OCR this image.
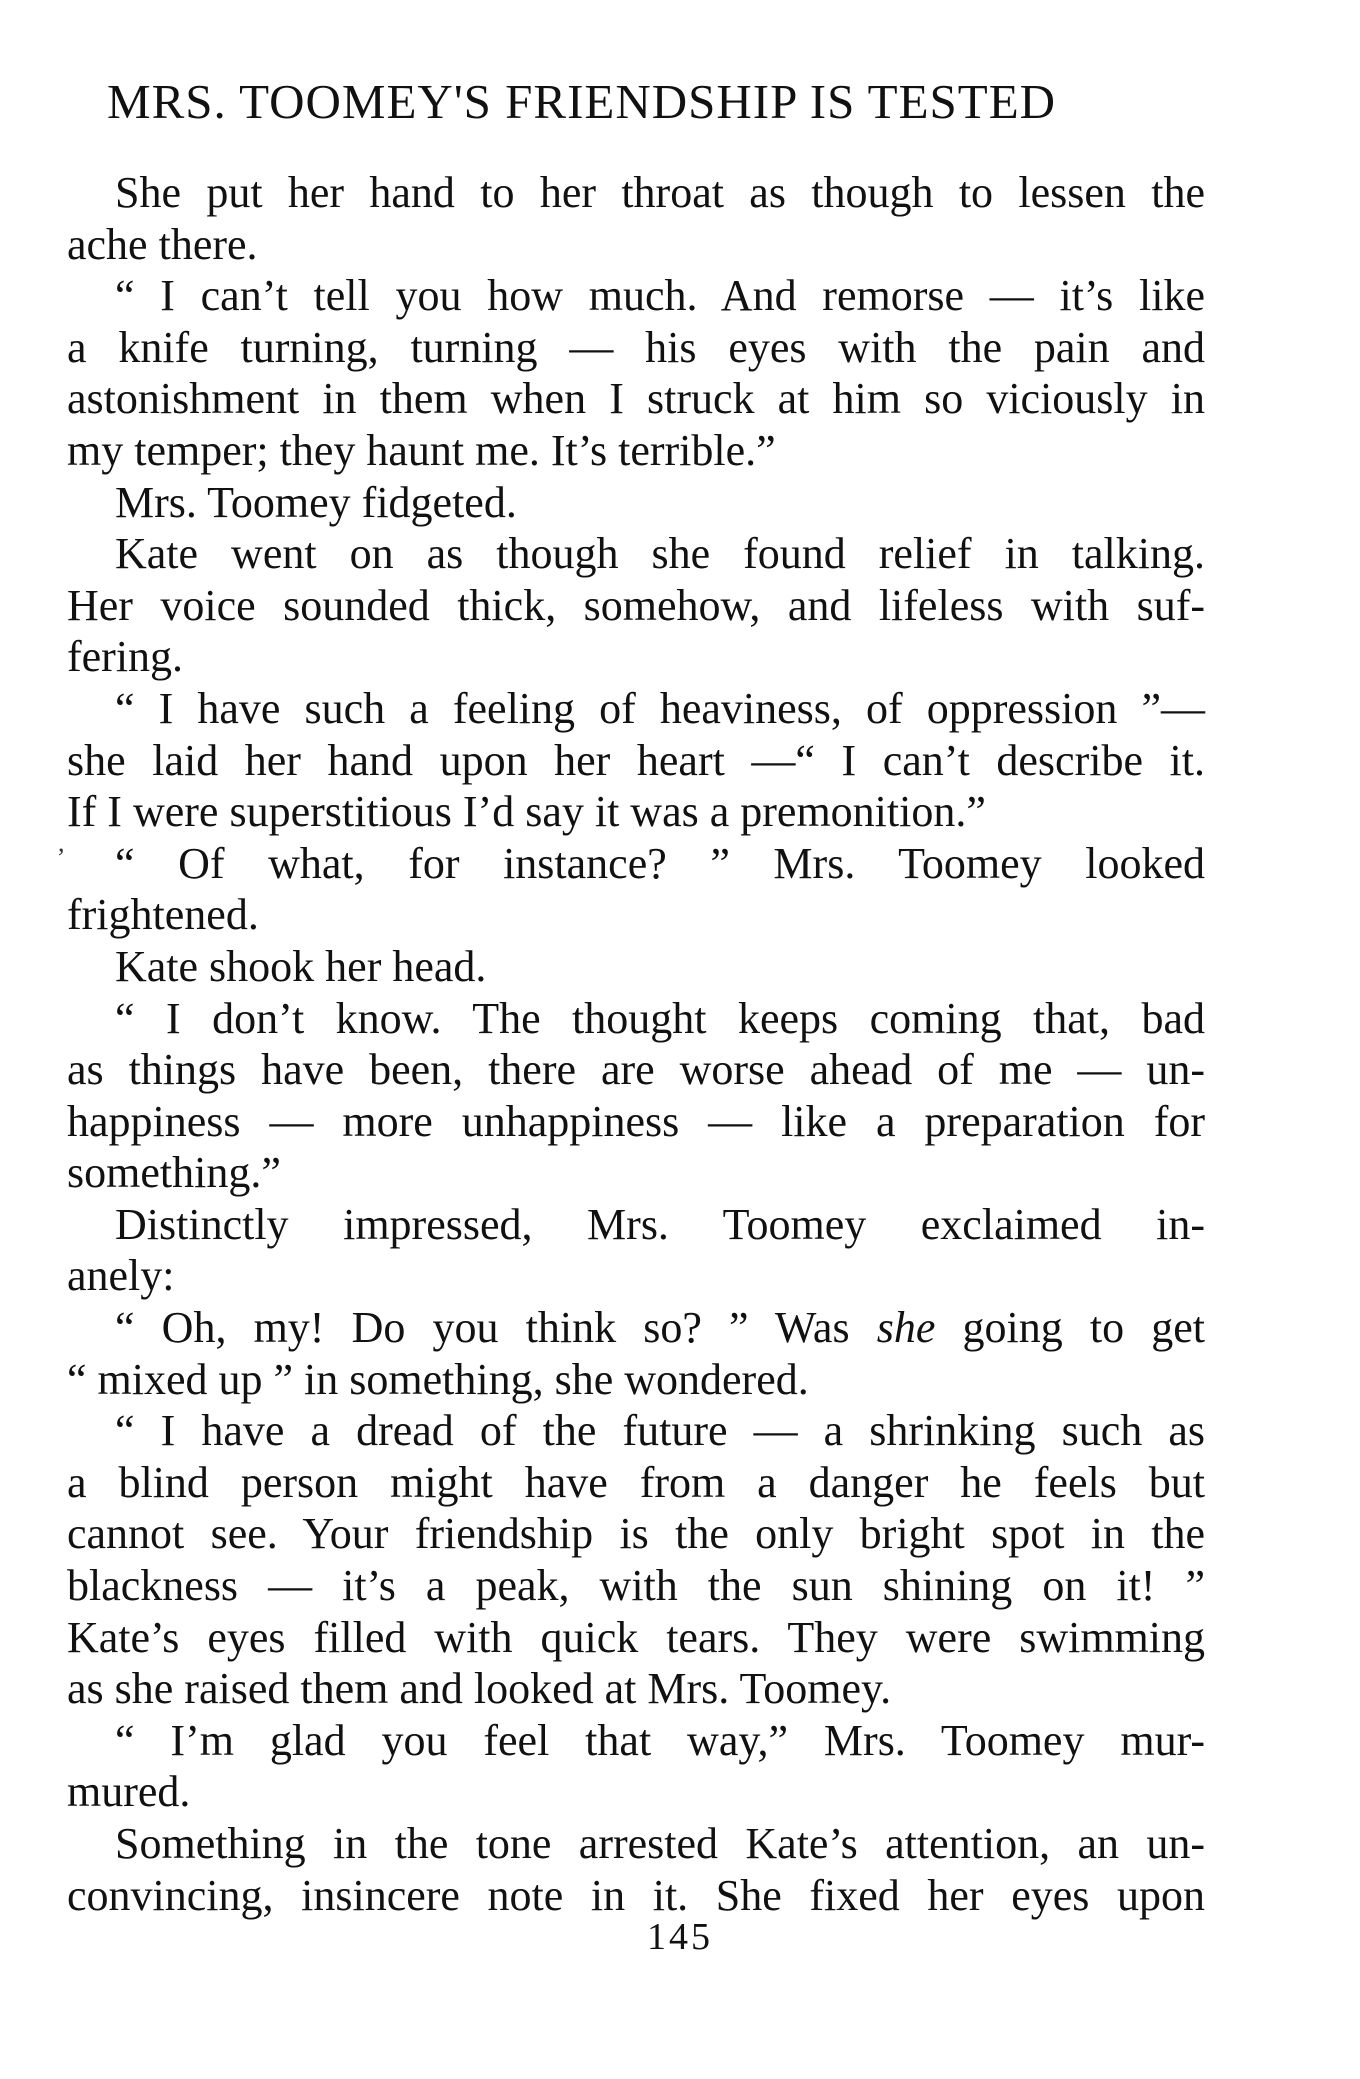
MRS. TOOMEY'S FRIENDSHIP IS TESTED
She put her hand to her throat as though to lessen the
ache there.
“ I can’t tell you how much. And remorse — it’s like
a knife turning, turning — his eyes with the pain and
astonishment in them when I struck at him so viciously in
my temper; they haunt me. It’s terrible.”
Mrs. Toomey fidgeted.
Kate went on as though she found relief in talking.
Her voice sounded thick, somehow, and lifeless with suf-
fering.
“ I have such a feeling of heaviness, of oppression ”—
she laid her hand upon her heart —“ I can’t describe it.
If I were superstitious I’d say it was a premonition.”
“ Of what, for instance? ” Mrs. Toomey looked
frightened.
Kate shook her head.
“ I don’t know. The thought keeps coming that, bad
as things have been, there are worse ahead of me — un-
happiness — more unhappiness — like a preparation for
something.”
Distinctly impressed, Mrs. Toomey exclaimed in-
anely:
“ Oh, my! Do you think so? ” Was she going to get
“ mixed up ” in something, she wondered.
“ I have a dread of the future — a shrinking such as
a blind person might have from a danger he feels but
cannot see. Your friendship is the only bright spot in the
blackness — it’s a peak, with the sun shining on it! ”
Kate’s eyes filled with quick tears. They were swimming
as she raised them and looked at Mrs. Toomey.
“ I’m glad you feel that way,” Mrs. Toomey mur-
mured.
Something in the tone arrested Kate’s attention, an un-
convincing, insincere note in it. She fixed her eyes upon
,
145
